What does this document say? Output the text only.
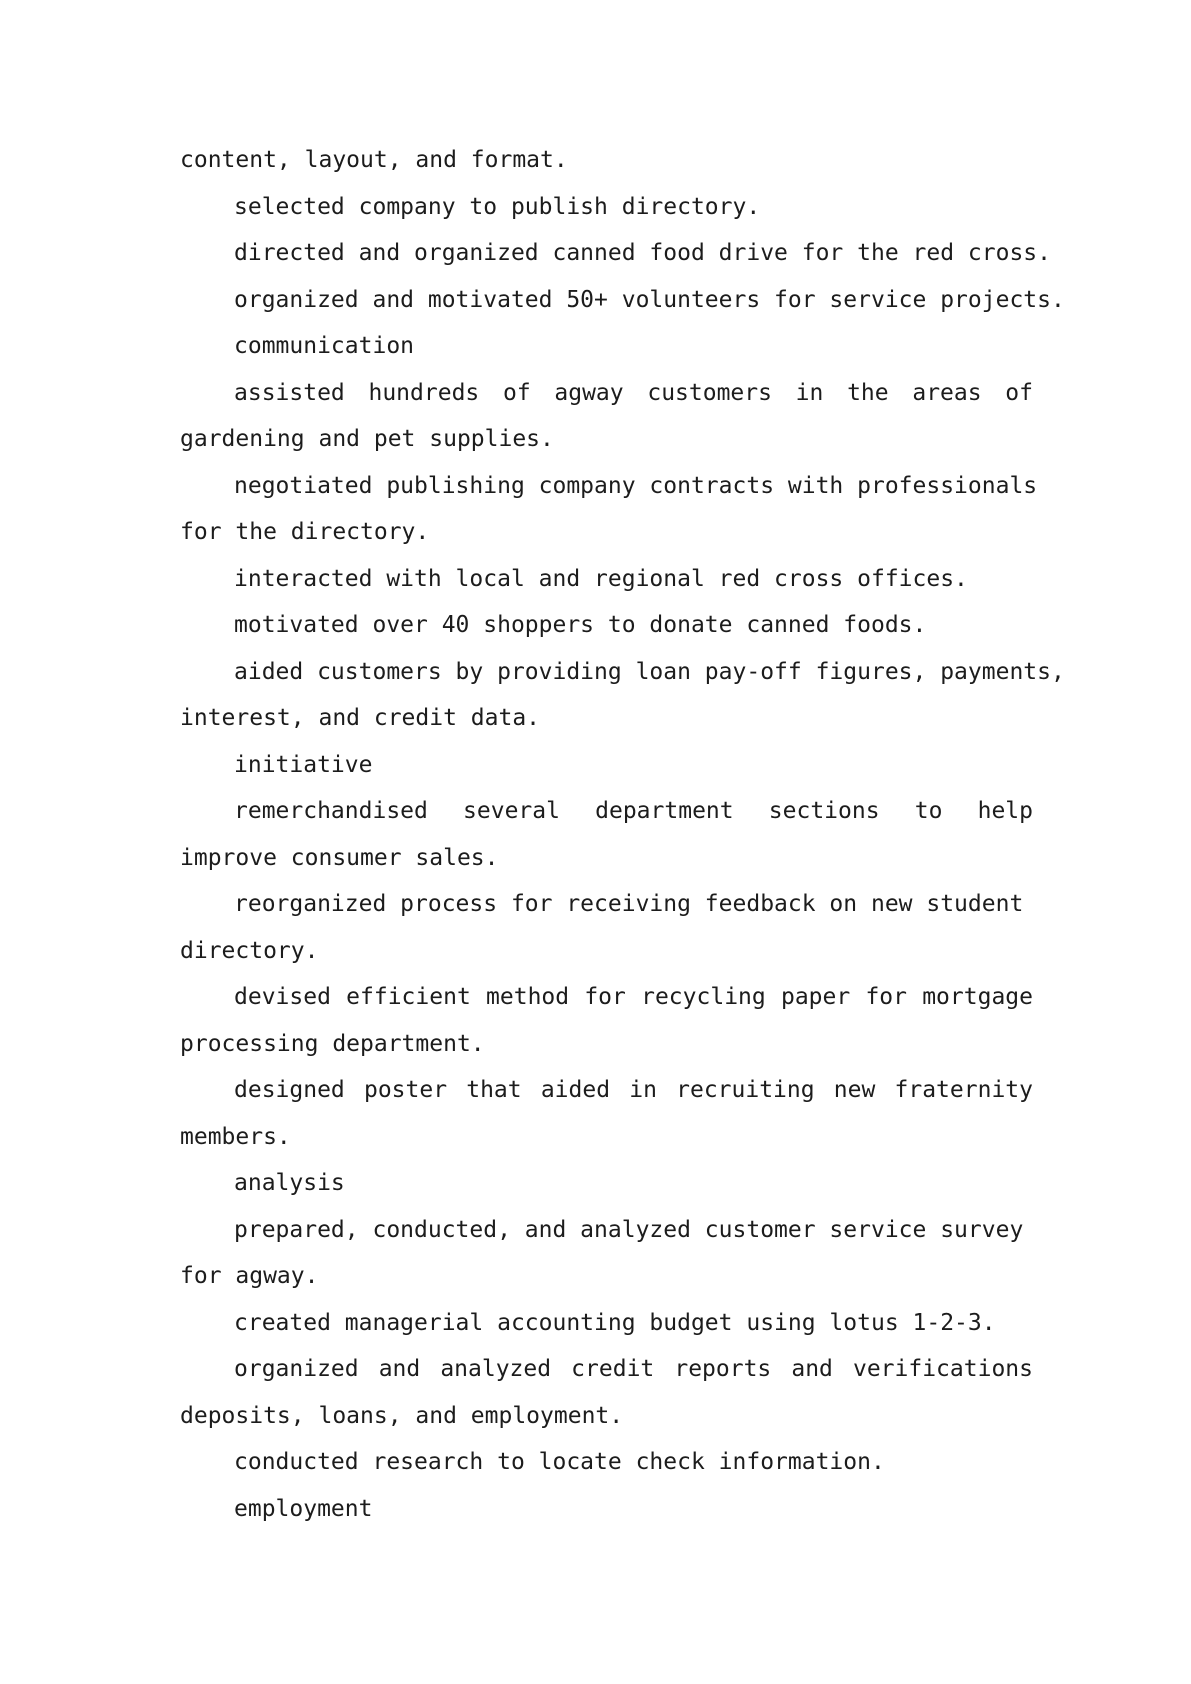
content, layout, and format.
selected company to publish directory.
directed and organized canned food drive for the red cross.
organized and motivated 50+ volunteers for service projects.
communication
assisted hundreds of agway customers in the areas of
gardening and pet supplies.
negotiated publishing company contracts with professionals
for the directory.
interacted with local and regional red cross offices.
motivated over 40 shoppers to donate canned foods.
aided customers by providing loan pay-off figures, payments,
interest, and credit data.
initiative
remerchandised several department sections to help
improve consumer sales.
reorganized process for receiving feedback on new student
directory.
devised efficient method for recycling paper for mortgage
processing department.
designed poster that aided in recruiting new fraternity
members.
analysis
prepared, conducted, and analyzed customer service survey
for agway.
created managerial accounting budget using lotus 1-2-3.
organized and analyzed credit reports and verifications
deposits, loans, and employment.
conducted research to locate check information.
employment
